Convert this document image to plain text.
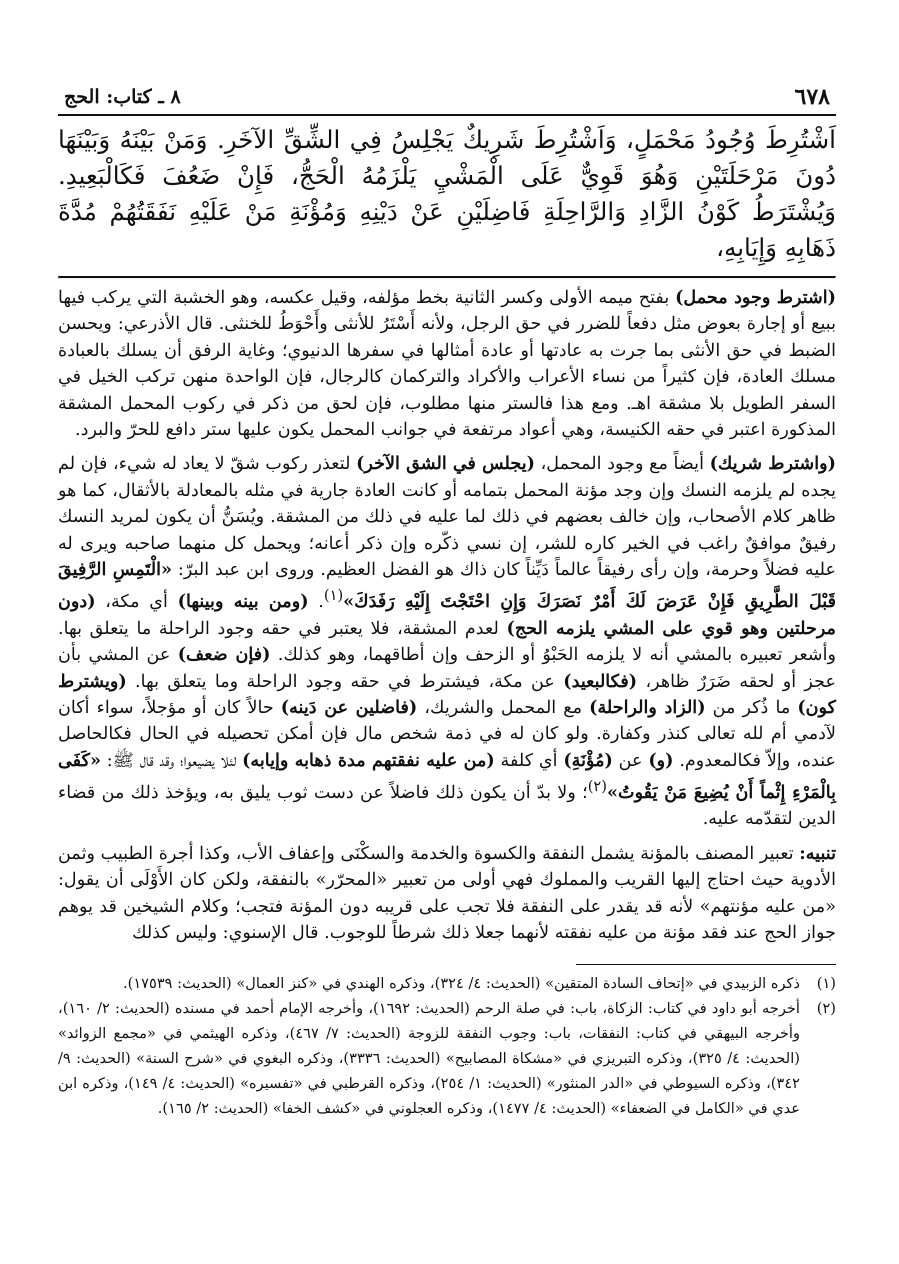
٦٧٨
٨ ـ كتاب: الحج
اَشْتُرِطَ وُجُودُ مَحْمَلٍ، وَاَشْتُرِطَ شَرِيكٌ يَجْلِسُ فِي الشِّقِّ الآخَرِ. وَمَنْ بَيْنَهُ وَبَيْنَهَا دُونَ مَرْحَلَتَيْنِ وَهُوَ قَوِيٌّ عَلَى الْمَشْيِ يَلْزَمُهُ الْحَجُّ، فَإِنْ ضَعُفَ فَكَالْبَعِيدِ. وَيُشْتَرَطُ كَوْنُ الزَّادِ وَالرَّاحِلَةِ فَاضِلَيْنِ عَنْ دَيْنِهِ وَمُؤْنَةِ مَنْ عَلَيْهِ نَفَقَتُهُمْ مُدَّةَ ذَهَابِهِ وَإِيَابِهِ،

(اشترط وجود محمل) بفتح ميمه الأولى وكسر الثانية بخط مؤلفه، وقيل عكسه، وهو الخشبة التي يركب فيها ببيع أو إجارة بعوض مثل دفعاً للضرر في حق الرجل، ولأنه أَسْتَرُ للأنثى وأَحْوَطُ للخنثى. قال الأذرعي: ويحسن الضبط في حق الأنثى بما جرت به عادتها أو عادة أمثالها في سفرها الدنيوي؛ وغاية الرفق أن يسلك بالعبادة مسلك العادة، فإن كثيراً من نساء الأعراب والأكراد والتركمان كالرجال، فإن الواحدة منهن تركب الخيل في السفر الطويل بلا مشقة اهـ. ومع هذا فالستر منها مطلوب، فإن لحق من ذكر في ركوب المحمل المشقة المذكورة اعتبر في حقه الكنيسة، وهي أعواد مرتفعة في جوانب المحمل يكون عليها ستر دافع للحرّ والبرد.

(واشترط شريك) أيضاً مع وجود المحمل، (يجلس في الشق الآخر) لتعذر ركوب شقّ لا يعاد له شيء، فإن لم يجده لم يلزمه النسك وإن وجد مؤنة المحمل بتمامه أو كانت العادة جارية في مثله بالمعادلة بالأثقال، كما هو ظاهر كلام الأصحاب، وإن خالف بعضهم في ذلك لما عليه في ذلك من المشقة. ويُسَنُّ أن يكون لمريد النسك رفيقٌ موافقٌ راغب في الخير كاره للشر، إن نسي ذكّره وإن ذكر أعانه؛ ويحمل كل منهما صاحبه ويرى له عليه فضلاً وحرمة، وإن رأى رفيقاً عالماً دَيِّناً كان ذاك هو الفضل العظيم. وروى ابن عبد البرّ: «الْتَمِسِ الرَّفِيقَ قَبْلَ الطَّرِيقِ فَإِنْ عَرَضَ لَكَ أَمْرٌ نَصَرَكَ وَإِنِ احْتَجْتَ إِلَيْهِ رَفَدَكَ»$^{(١)}$. (ومن بينه وبينها) أي مكة، (دون مرحلتين وهو قوي على المشي يلزمه الحج) لعدم المشقة، فلا يعتبر في حقه وجود الراحلة ما يتعلق بها. وأشعر تعبيره بالمشي أنه لا يلزمه الحَبْوُ أو الزحف وإن أطاقهما، وهو كذلك. (فإن ضعف) عن المشي بأن عجز أو لحقه ضَرَرٌ ظاهر، (فكالبعيد) عن مكة، فيشترط في حقه وجود الراحلة وما يتعلق بها. (ويشترط كون) ما ذُكر من (الزاد والراحلة) مع المحمل والشريك، (فاضلين عن دَينه) حالاً كان أو مؤجلاً، سواء أكان لآدمي أم لله تعالى كنذر وكفارة. ولو كان له في ذمة شخص مال فإن أمكن تحصيله في الحال فكالحاصل عنده، وإلاّ فكالمعدوم. (و) عن (مُؤْنَةِ) أي كلفة (من عليه نفقتهم مدة ذهابه وإيابه) لئلا يضيعوا؛ وقد قال ﷺ: «كَفَى بِالْمَرْءِ إِثْماً أَنْ يُضِيعَ مَنْ يَقُوتُ»$^{(٢)}$؛ ولا بدّ أن يكون ذلك فاضلاً عن دست ثوب يليق به، ويؤخذ ذلك من قضاء الدين لتقدّمه عليه.

تنبيه: تعبير المصنف بالمؤنة يشمل النفقة والكسوة والخدمة والسكْنَى وإعفاف الأب، وكذا أجرة الطبيب وثمن الأدوية حيث احتاج إليها القريب والمملوك فهي أولى من تعبير «المحرّر» بالنفقة، ولكن كان الأَوْلَى أن يقول: «من عليه مؤنتهم» لأنه قد يقدر على النفقة فلا تجب على قريبه دون المؤنة فتجب؛ وكلام الشيخين قد يوهم جواز الحج عند فقد مؤنة من عليه نفقته لأنهما جعلا ذلك شرطاً للوجوب. قال الإسنوي: وليس كذلك

(١)
ذكره الزبيدي في «إتحاف السادة المتقين» (الحديث: ٤/ ٣٢٤)، وذكره الهندي في «كنز العمال» (الحديث: ١٧٥٣٩).
(٢)
أخرجه أبو داود في كتاب: الزكاة، باب: في صلة الرحم (الحديث: ١٦٩٢)، وأخرجه الإمام أحمد في مسنده (الحديث: ٢/ ١٦٠)، وأخرجه البيهقي في كتاب: النفقات، باب: وجوب النفقة للزوجة (الحديث: ٧/ ٤٦٧)، وذكره الهيثمي في «مجمع الزوائد» (الحديث: ٤/ ٣٢٥)، وذكره التبريزي في «مشكاة المصابيح» (الحديث: ٣٣٣٦)، وذكره البغوي في «شرح السنة» (الحديث: ٩/ ٣٤٢)، وذكره السيوطي في «الدر المنثور» (الحديث: ١/ ٢٥٤)، وذكره القرطبي في «تفسيره» (الحديث: ٤/ ١٤٩)، وذكره ابن عدي في «الكامل في الضعفاء» (الحديث: ٤/ ١٤٧٧)، وذكره العجلوني في «كشف الخفا» (الحديث: ٢/ ١٦٥).
